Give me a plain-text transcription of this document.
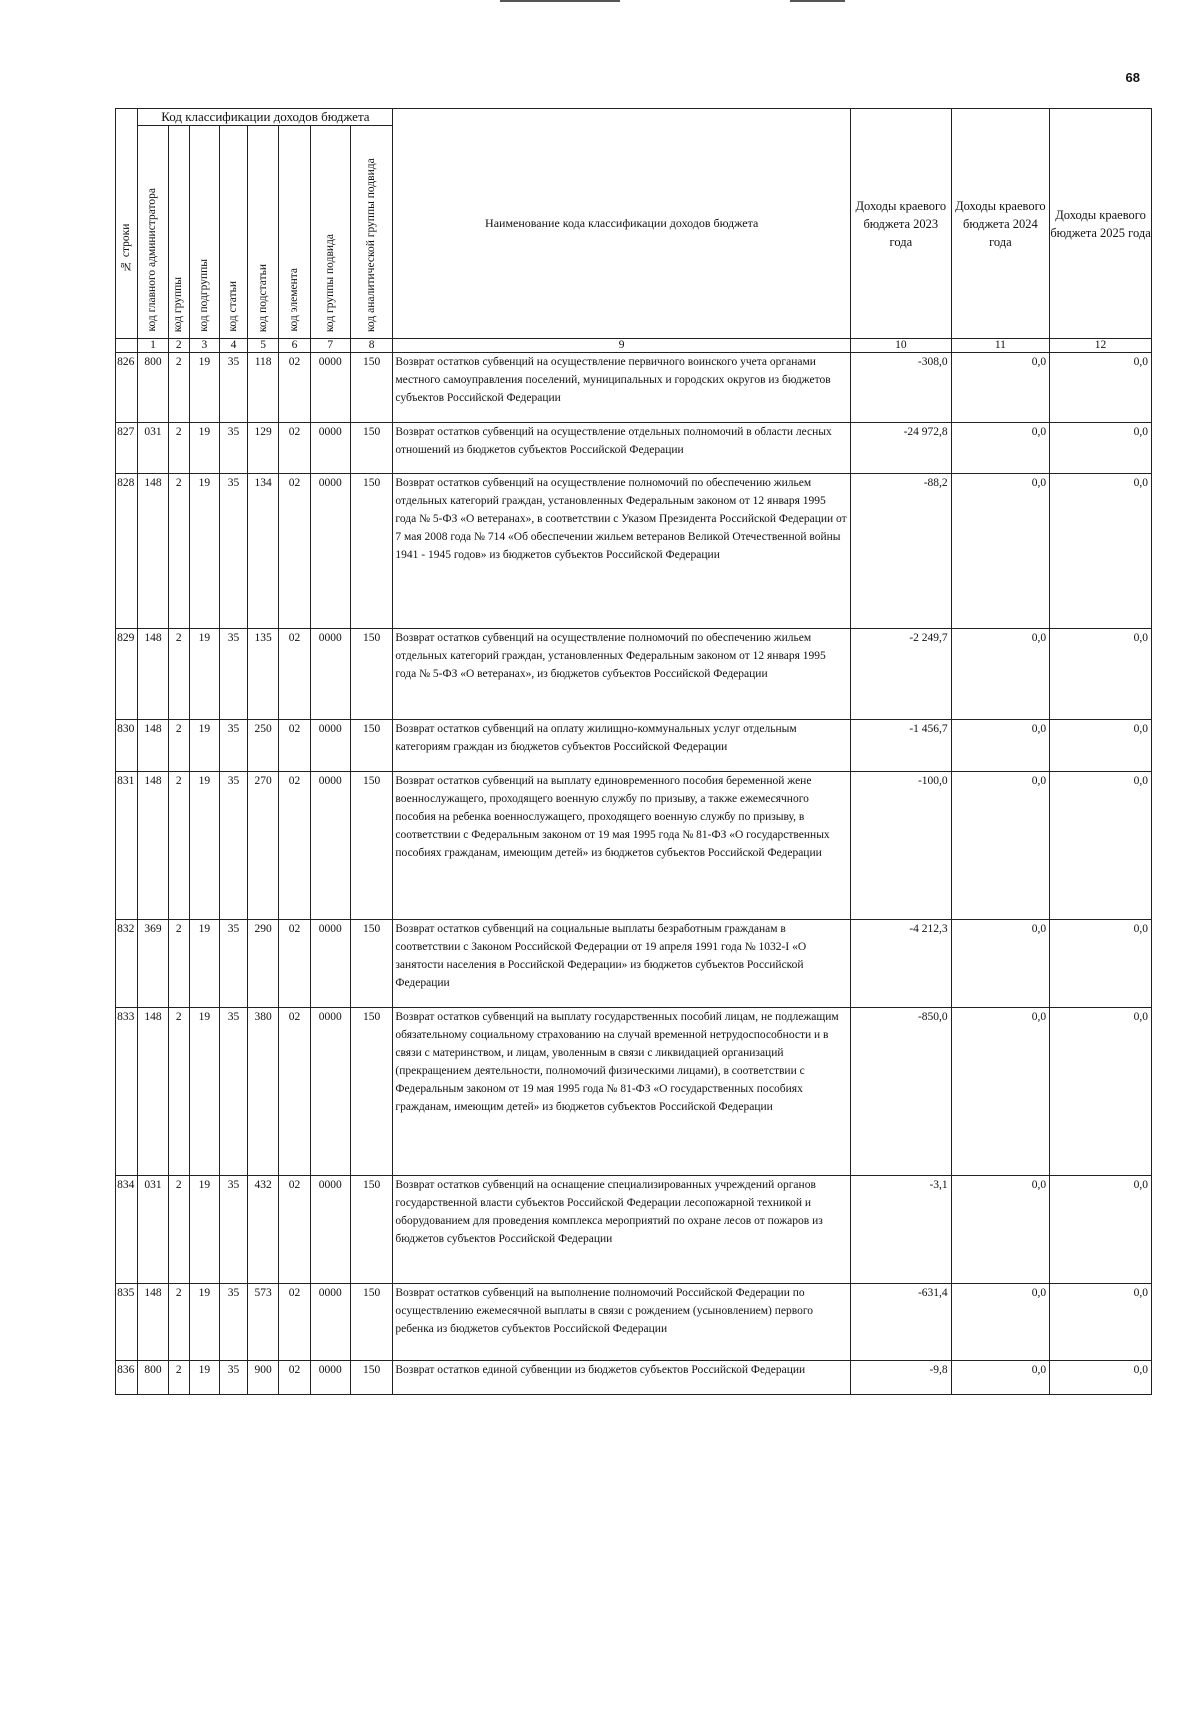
68
№ строки	Код классификации доходов бюджета								Наименование кода классификации доходов бюджета	Доходы краевого бюджета 2023 года	Доходы краевого бюджета 2024 года	Доходы краевого бюджета 2025 года

	код главного администратора	код группы	код подгруппы	код статьи	код подстатьи	код элемента	код группы подвида	код аналитической группы подвида				

	1	2	3	4	5	6	7	8	9	10	11	12
826	800	2	19	35	118	02	0000	150	Возврат остатков субвенций на осуществление первичного воинского учета органами местного самоуправления поселений, муниципальных и городских округов из бюджетов субъектов Российской Федерации	-308,0	0,0	0,0
827	031	2	19	35	129	02	0000	150	Возврат остатков субвенций на осуществление отдельных полномочий в области лесных отношений из бюджетов субъектов Российской Федерации	-24 972,8	0,0	0,0
828	148	2	19	35	134	02	0000	150	Возврат остатков субвенций на осуществление полномочий по обеспечению жильем отдельных категорий граждан, установленных Федеральным законом от 12 января 1995 года № 5-ФЗ «О ветеранах», в соответствии с Указом Президента Российской Федерации от 7 мая 2008 года № 714 «Об обеспечении жильем ветеранов Великой Отечественной войны 1941 - 1945 годов» из бюджетов субъектов Российской Федерации	-88,2	0,0	0,0
829	148	2	19	35	135	02	0000	150	Возврат остатков субвенций на осуществление полномочий по обеспечению жильем отдельных категорий граждан, установленных Федеральным законом от 12 января 1995 года № 5-ФЗ «О ветеранах», из бюджетов субъектов Российской Федерации	-2 249,7	0,0	0,0
830	148	2	19	35	250	02	0000	150	Возврат остатков субвенций на оплату жилищно-коммунальных услуг отдельным категориям граждан из бюджетов субъектов Российской Федерации	-1 456,7	0,0	0,0
831	148	2	19	35	270	02	0000	150	Возврат остатков субвенций на выплату единовременного пособия беременной жене военнослужащего, проходящего военную службу по призыву, а также ежемесячного пособия на ребенка военнослужащего, проходящего военную службу по призыву, в соответствии с Федеральным законом от 19 мая 1995 года № 81-ФЗ «О государственных пособиях гражданам, имеющим детей» из бюджетов субъектов Российской Федерации	-100,0	0,0	0,0
832	369	2	19	35	290	02	0000	150	Возврат остатков субвенций на социальные выплаты безработным гражданам в соответствии с Законом Российской Федерации от 19 апреля 1991 года № 1032-I «О занятости населения в Российской Федерации» из бюджетов субъектов Российской Федерации	-4 212,3	0,0	0,0
833	148	2	19	35	380	02	0000	150	Возврат остатков субвенций на выплату государственных пособий лицам, не подлежащим обязательному социальному страхованию на случай временной нетрудоспособности и в связи с материнством, и лицам, уволенным в связи с ликвидацией организаций (прекращением деятельности, полномочий физическими лицами), в соответствии с Федеральным законом от 19 мая 1995 года № 81-ФЗ «О государственных пособиях гражданам, имеющим детей» из бюджетов субъектов Российской Федерации	-850,0	0,0	0,0
834	031	2	19	35	432	02	0000	150	Возврат остатков субвенций на оснащение специализированных учреждений органов государственной власти субъектов Российской Федерации лесопожарной техникой и оборудованием для проведения комплекса мероприятий по охране лесов от пожаров из бюджетов субъектов Российской Федерации	-3,1	0,0	0,0
835	148	2	19	35	573	02	0000	150	Возврат остатков субвенций на выполнение полномочий Российской Федерации по осуществлению ежемесячной выплаты в связи с рождением (усыновлением) первого ребенка из бюджетов субъектов Российской Федерации	-631,4	0,0	0,0
836	800	2	19	35	900	02	0000	150	Возврат остатков единой субвенции из бюджетов субъектов Российской Федерации	-9,8	0,0	0,0
